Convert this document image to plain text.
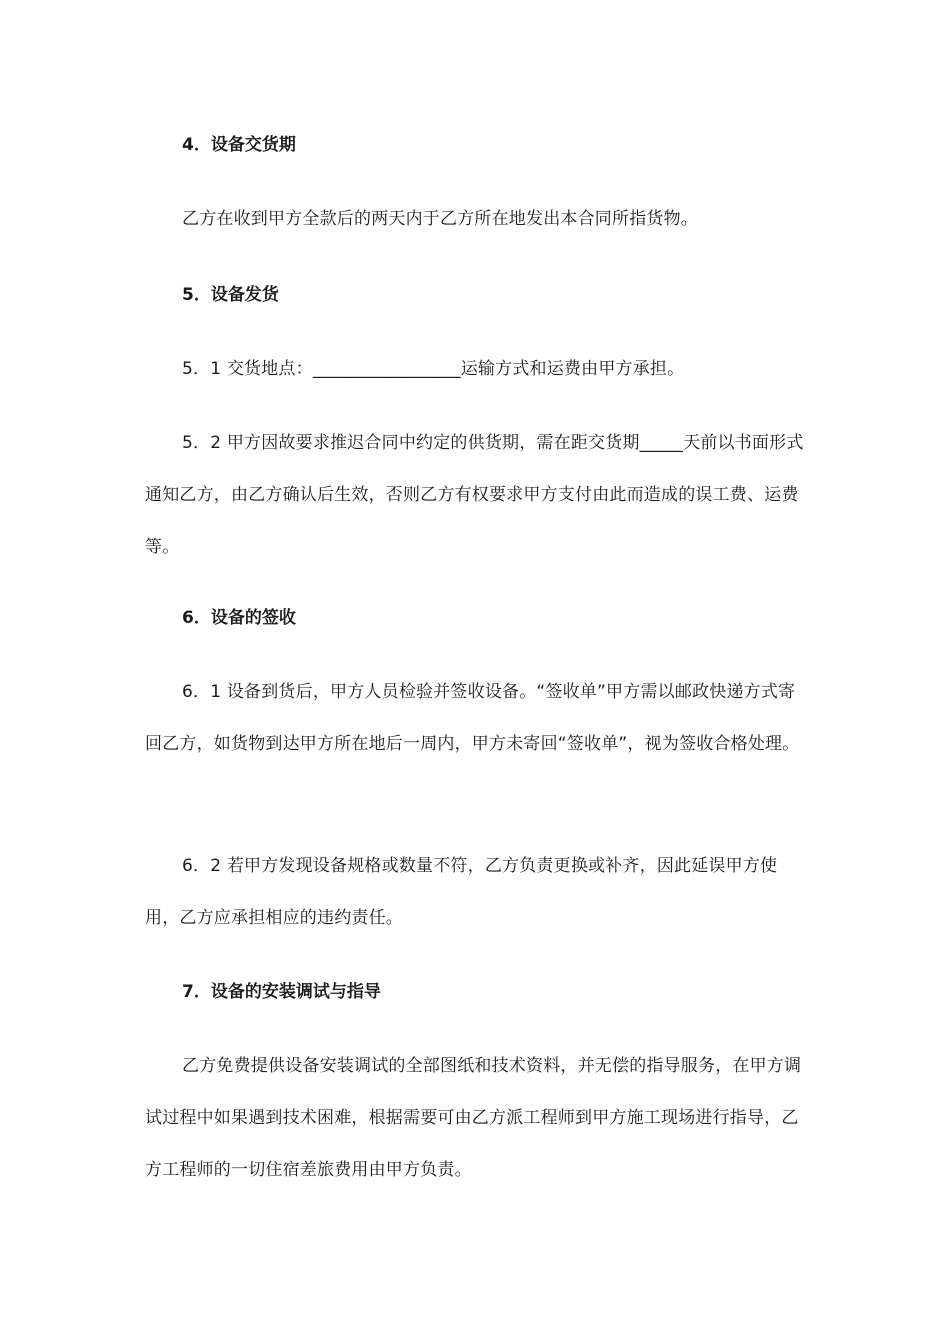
4．设备交货期
乙方在收到甲方全款后的两天内于乙方所在地发出本合同所指货物。
5．设备发货
5．1 交货地点：_________________运输方式和运费由甲方承担。
5．2 甲方因故要求推迟合同中约定的供货期，需在距交货期_____天前以书面形式通知乙方，由乙方确认后生效，否则乙方有权要求甲方支付由此而造成的误工费、运费等。
6．设备的签收
6．1 设备到货后，甲方人员检验并签收设备。“签收单”甲方需以邮政快递方式寄回乙方，如货物到达甲方所在地后一周内，甲方未寄回“签收单”，视为签收合格处理。
6．2 若甲方发现设备规格或数量不符，乙方负责更换或补齐，因此延误甲方使用，乙方应承担相应的违约责任。
7．设备的安装调试与指导
乙方免费提供设备安装调试的全部图纸和技术资料，并无偿的指导服务，在甲方调试过程中如果遇到技术困难，根据需要可由乙方派工程师到甲方施工现场进行指导，乙方工程师的一切住宿差旅费用由甲方负责。
